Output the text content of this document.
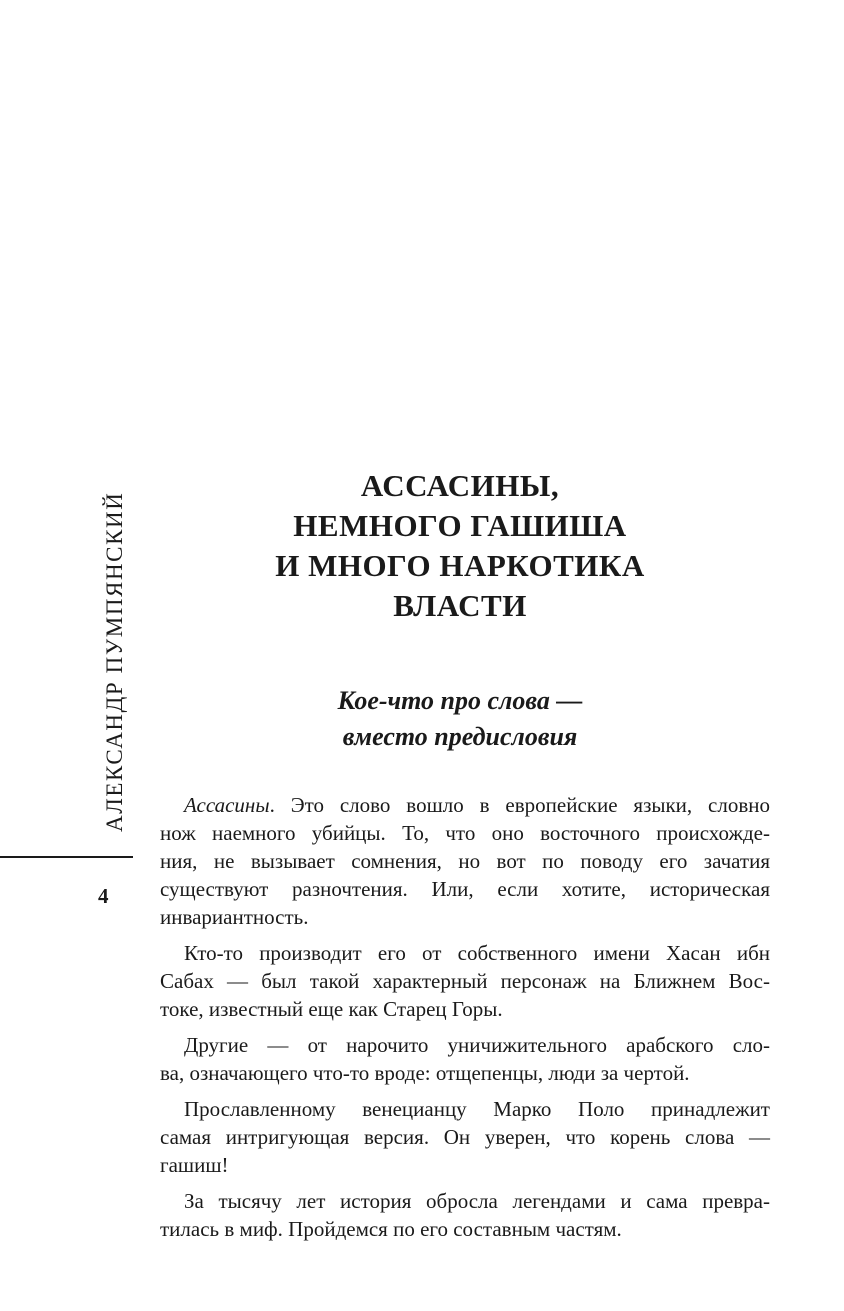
АЛЕКСАНДР ПУМПЯНСКИЙ
4
АССАСИНЫ,
НЕМНОГО ГАШИША
И МНОГО НАРКОТИКА
ВЛАСТИ
Кое-что про слова —
вместо предисловия
Ассасины. Это слово вошло в европейские языки, словно
нож наемного убийцы. То, что оно восточного происхожде-
ния, не вызывает сомнения, но вот по поводу его зачатия
существуют разночтения. Или, если хотите, историческая
инвариантность.
Кто-то производит его от собственного имени Хасан ибн
Сабах — был такой характерный персонаж на Ближнем Вос-
токе, известный еще как Старец Горы.
Другие — от нарочито уничижительного арабского сло-
ва, означающего что-то вроде: отщепенцы, люди за чертой.
Прославленному венецианцу Марко Поло принадлежит
самая интригующая версия. Он уверен, что корень слова —
гашиш!
За тысячу лет история обросла легендами и сама превра-
тилась в миф. Пройдемся по его составным частям.
